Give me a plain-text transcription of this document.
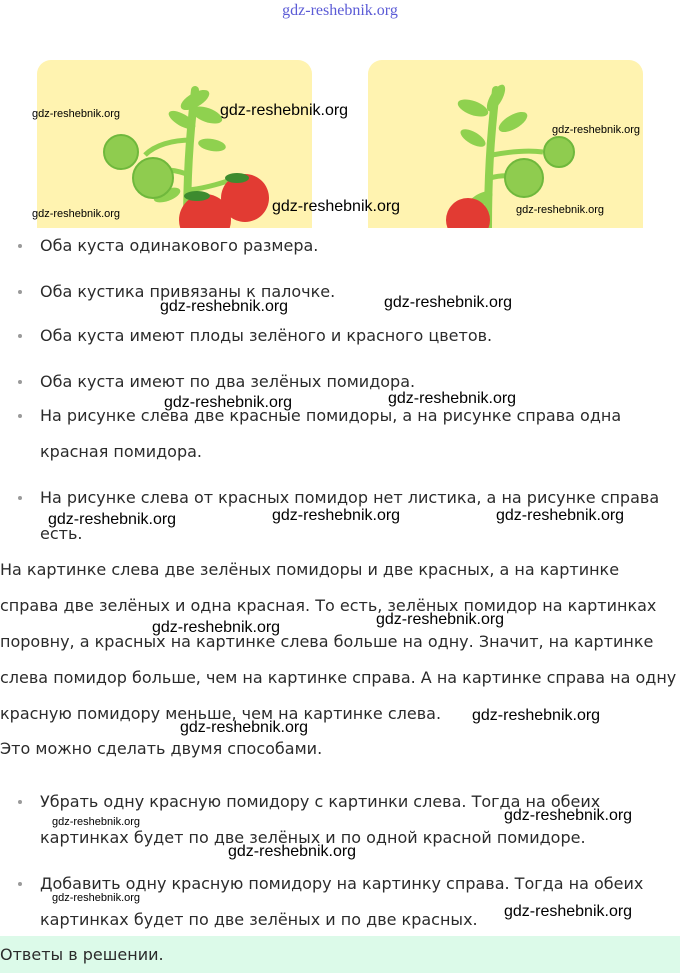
gdz-reshebnik.org
gdz-reshebnik.org	gdz-reshebnik.org
gdz-reshebnik.org
gdz-reshebnik.org	gdz-reshebnik.org	gdz-reshebnik.org
gdz-reshebnik.org	gdz-reshebnik.org
gdz-reshebnik.org	gdz-reshebnik.org
gdz-reshebnik.org	gdz-reshebnik.org	gdz-reshebnik.org
gdz-reshebnik.org	gdz-reshebnik.org
gdz-reshebnik.org
gdz-reshebnik.org
gdz-reshebnik.org	gdz-reshebnik.org
gdz-reshebnik.org
gdz-reshebnik.org
gdz-reshebnik.org
Оба куста одинакового размера.
Оба кустика привязаны к палочке.
Оба куста имеют плоды зелёного и красного цветов.
Оба куста имеют по два зелёных помидора.
На рисунке слева две красные помидоры, а на рисунке справа одна красная помидора.
На рисунке слева от красных помидор нет листика, а на рисунке справа есть.
На картинке слева две зелёных помидоры и две красных, а на картинке справа две зелёных и одна красная. То есть, зелёных помидор на картинках поровну, а красных на картинке слева больше на одну. Значит, на картинке слева помидор больше, чем на картинке справа. А на картинке справа на одну красную помидору меньше, чем на картинке слева.
Это можно сделать двумя способами.
Убрать одну красную помидору с картинки слева. Тогда на обеих картинках будет по две зелёных и по одной красной помидоре.
Добавить одну красную помидору на картинку справа. Тогда на обеих картинках будет по две зелёных и по две красных.
Ответы в решении.
